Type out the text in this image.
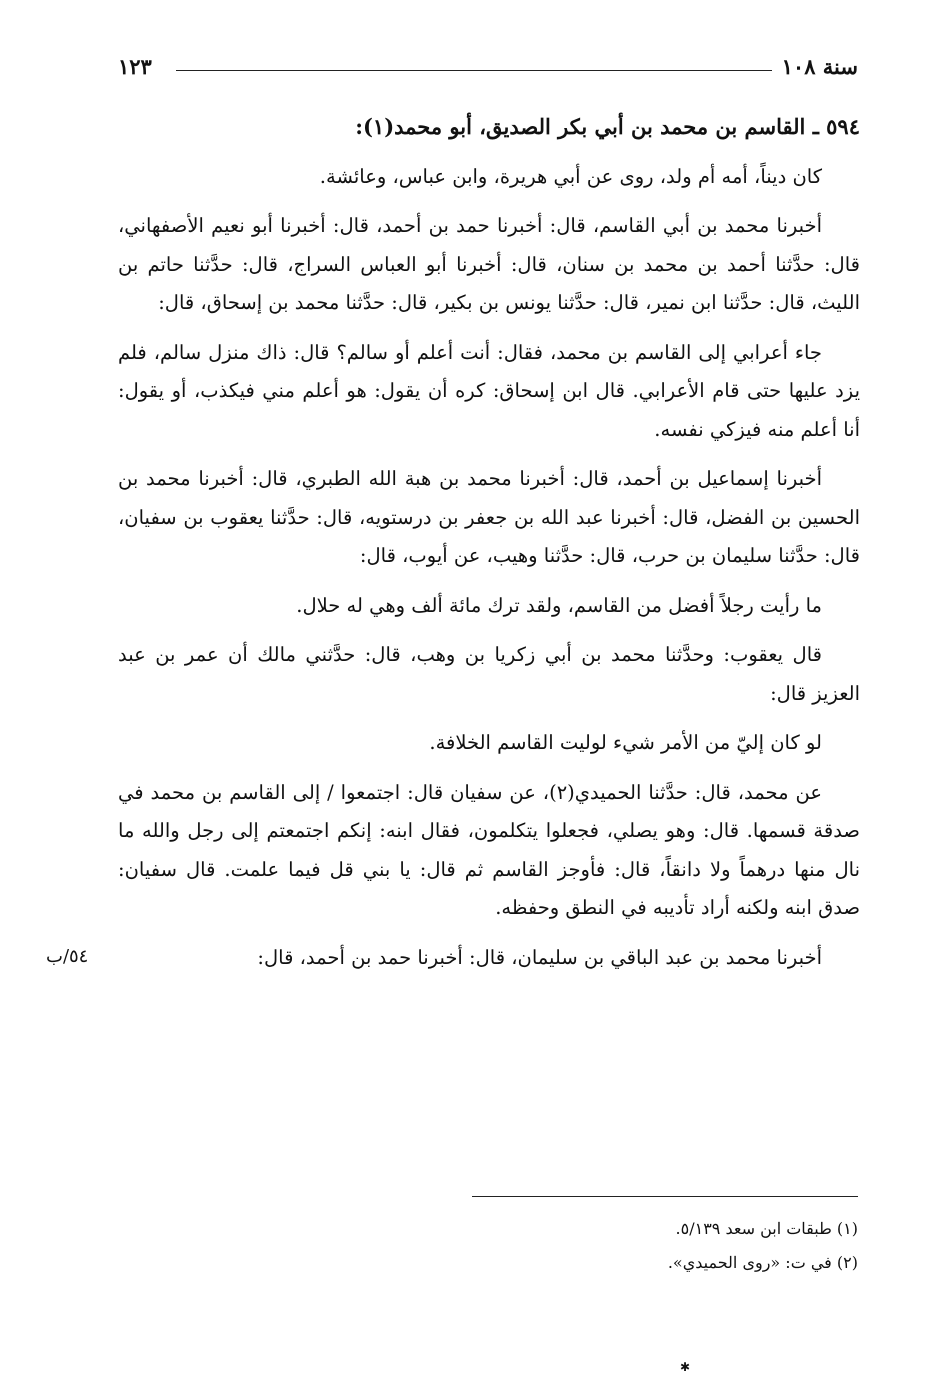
سنة ١٠٨
١٢٣

٥٩٤ ـ القاسم بن محمد بن أبي بكر الصديق، أبو محمد(١):

كان ديناً، أمه أم ولد، روى عن أبي هريرة، وابن عباس، وعائشة.

أخبرنا محمد بن أبي القاسم، قال: أخبرنا حمد بن أحمد، قال: أخبرنا أبو نعيم الأصفهاني، قال: حدَّثنا أحمد بن محمد بن سنان، قال: أخبرنا أبو العباس السراج، قال: حدَّثنا حاتم بن الليث، قال: حدَّثنا ابن نمير، قال: حدَّثنا يونس بن بكير، قال: حدَّثنا محمد بن إسحاق، قال:

جاء أعرابي إلى القاسم بن محمد، فقال: أنت أعلم أو سالم؟ قال: ذاك منزل سالم، فلم يزد عليها حتى قام الأعرابي. قال ابن إسحاق: كره أن يقول: هو أعلم مني فيكذب، أو يقول: أنا أعلم منه فيزكي نفسه.

أخبرنا إسماعيل بن أحمد، قال: أخبرنا محمد بن هبة الله الطبري، قال: أخبرنا محمد بن الحسين بن الفضل، قال: أخبرنا عبد الله بن جعفر بن درستويه، قال: حدَّثنا يعقوب بن سفيان، قال: حدَّثنا سليمان بن حرب، قال: حدَّثنا وهيب، عن أيوب، قال:

ما رأيت رجلاً أفضل من القاسم، ولقد ترك مائة ألف وهي له حلال.

قال يعقوب: وحدَّثنا محمد بن أبي زكريا بن وهب، قال: حدَّثني مالك أن عمر بن عبد العزيز قال:

لو كان إليّ من الأمر شيء لوليت القاسم الخلافة.

عن محمد، قال: حدَّثنا الحميدي(٢)، عن سفيان قال: اجتمعوا / إلى القاسم بن محمد في صدقة قسمها. قال: وهو يصلي، فجعلوا يتكلمون، فقال ابنه: إنكم اجتمعتم إلى رجل والله ما نال منها درهماً ولا دانقاً، قال: فأوجز القاسم ثم قال: يا بني قل فيما علمت. قال سفيان: صدق ابنه ولكنه أراد تأديبه في النطق وحفظه.

أخبرنا محمد بن عبد الباقي بن سليمان، قال: أخبرنا حمد بن أحمد، قال:

٥٤/ب
(١) طبقات ابن سعد ٥/١٣٩.
(٢) في ت: «روى الحميدي».
✱
